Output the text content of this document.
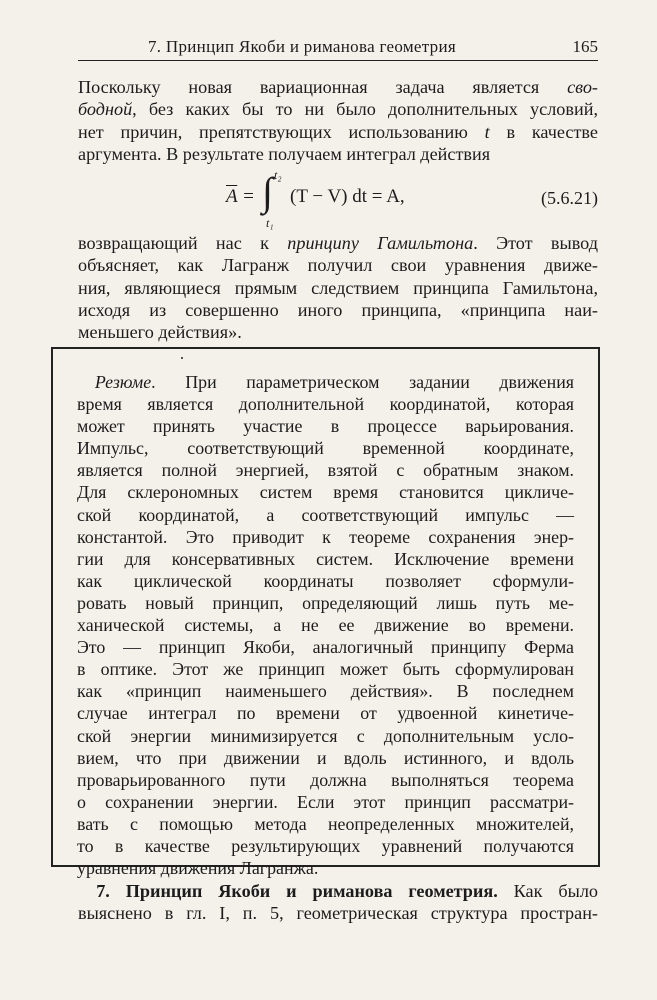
7. Принцип Якоби и риманова геометрия	165

Поскольку новая вариационная задача является сво-
бодной, без каких бы то ни было дополнительных условий,
нет причин, препятствующих использованию t в качестве
аргумента. В результате получаем интеграл действия

$\overline{A}$ = ∫ t₂
t₁
(T − V) dt = A,	(5.6.21)

возвращающий нас к принципу Гамильтона. Этот вывод
объясняет, как Лагранж получил свои уравнения движе-
ния, являющиеся прямым следствием принципа Гамильтона,
исходя из совершенно иного принципа, «принципа наи-
меньшего действия».

 Резюме. При параметрическом задании движения
время является дополнительной координатой, которая
может принять участие в процессе варьирования.
Импульс, соответствующий временной координате,
является полной энергией, взятой с обратным знаком.
Для склерономных систем время становится цикличе-
ской координатой, а соответствующий импульс —
константой. Это приводит к теореме сохранения энер-
гии для консервативных систем. Исключение времени
как циклической координаты позволяет сформули-
ровать новый принцип, определяющий лишь путь ме-
ханической системы, а не ее движение во времени.
Это — принцип Якоби, аналогичный принципу Ферма
в оптике. Этот же принцип может быть сформулирован
как «принцип наименьшего действия». В последнем
случае интеграл по времени от удвоенной кинетиче-
ской энергии минимизируется с дополнительным усло-
вием, что при движении и вдоль истинного, и вдоль
проварьированного пути должна выполняться теорема
о сохранении энергии. Если этот принцип рассматри-
вать с помощью метода неопределенных множителей,
то в качестве результирующих уравнений получаются
уравнения движения Лагранжа.

 7. Принцип Якоби и риманова геометрия. Как было
выяснено в гл. I, п. 5, геометрическая структура простран-
